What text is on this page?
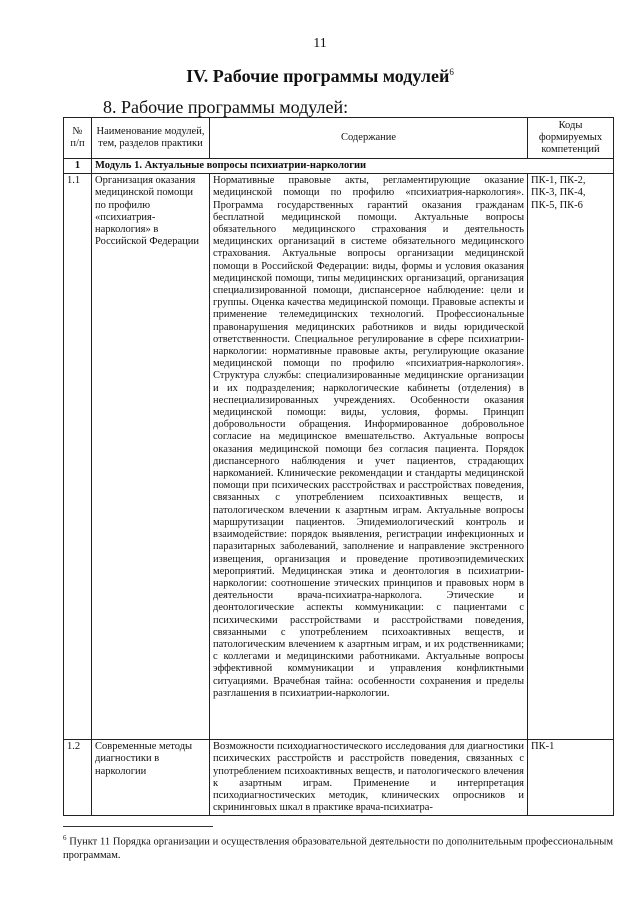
11
IV. Рабочие программы модулей$^6$
8. Рабочие программы модулей:
№ п/п	Наименование модулей, тем, разделов практики	Содержание	Коды формируемых компетенций
1	Модуль 1. Актуальные вопросы психиатрии-наркологии		
1.1	Организация оказания медицинской помощи по профилю «психиатрия-наркология» в Российской Федерации	Нормативные правовые акты, регламентирующие оказание медицинской помощи по профилю «психиатрия-наркология». Программа государственных гарантий оказания гражданам бесплатной медицинской помощи. Актуальные вопросы обязательного медицинского страхования и деятельность медицинских организаций в системе обязательного медицинского страхования. Актуальные вопросы организации медицинской помощи в Российской Федерации: виды, формы и условия оказания медицинской помощи, типы медицинских организаций, организация специализированной помощи, диспансерное наблюдение: цели и группы. Оценка качества медицинской помощи. Правовые аспекты и применение телемедицинских технологий. Профессиональные правонарушения медицинских работников и виды юридической ответственности. Специальное регулирование в сфере психиатрии-наркологии: нормативные правовые акты, регулирующие оказание медицинской помощи по профилю «психиатрия-наркология». Структура службы: специализированные медицинские организации и их подразделения; наркологические кабинеты (отделения) в неспециализированных учреждениях. Особенности оказания медицинской помощи: виды, условия, формы. Принцип добровольности обращения. Информированное добровольное согласие на медицинское вмешательство. Актуальные вопросы оказания медицинской помощи без согласия пациента. Порядок диспансерного наблюдения и учет пациентов, страдающих наркоманией. Клинические рекомендации и стандарты медицинской помощи при психических расстройствах и расстройствах поведения, связанных с употреблением психоактивных веществ, и патологическом влечении к азартным играм. Актуальные вопросы маршрутизации пациентов. Эпидемиологический контроль и взаимодействие: порядок выявления, регистрации инфекционных и паразитарных заболеваний, заполнение и направление экстренного извещения, организация и проведение противоэпидемических мероприятий. Медицинская этика и деонтология в психиатрии-наркологии: соотношение этических принципов и правовых норм в деятельности врача-психиатра-нарколога. Этические и деонтологические аспекты коммуникации: с пациентами с психическими расстройствами и расстройствами поведения, связанными с употреблением психоактивных веществ, и патологическим влечением к азартным играм, и их родственниками; с коллегами и медицинскими работниками. Актуальные вопросы эффективной коммуникации и управления конфликтными ситуациями. Врачебная тайна: особенности сохранения и пределы разглашения в психиатрии-наркологии.	ПК-1, ПК-2, ПК-3, ПК-4, ПК-5, ПК-6
1.2	Современные методы диагностики в наркологии	Возможности психодиагностического исследования для диагностики психических расстройств и расстройств поведения, связанных с употреблением психоактивных веществ, и патологического влечения к азартным играм. Применение и интерпретация психодиагностических методик, клинических опросников и скрининговых шкал в практике врача-психиатра-	ПК-1
$^6$ Пункт 11 Порядка организации и осуществления образовательной деятельности по дополнительным профессиональным программам.
